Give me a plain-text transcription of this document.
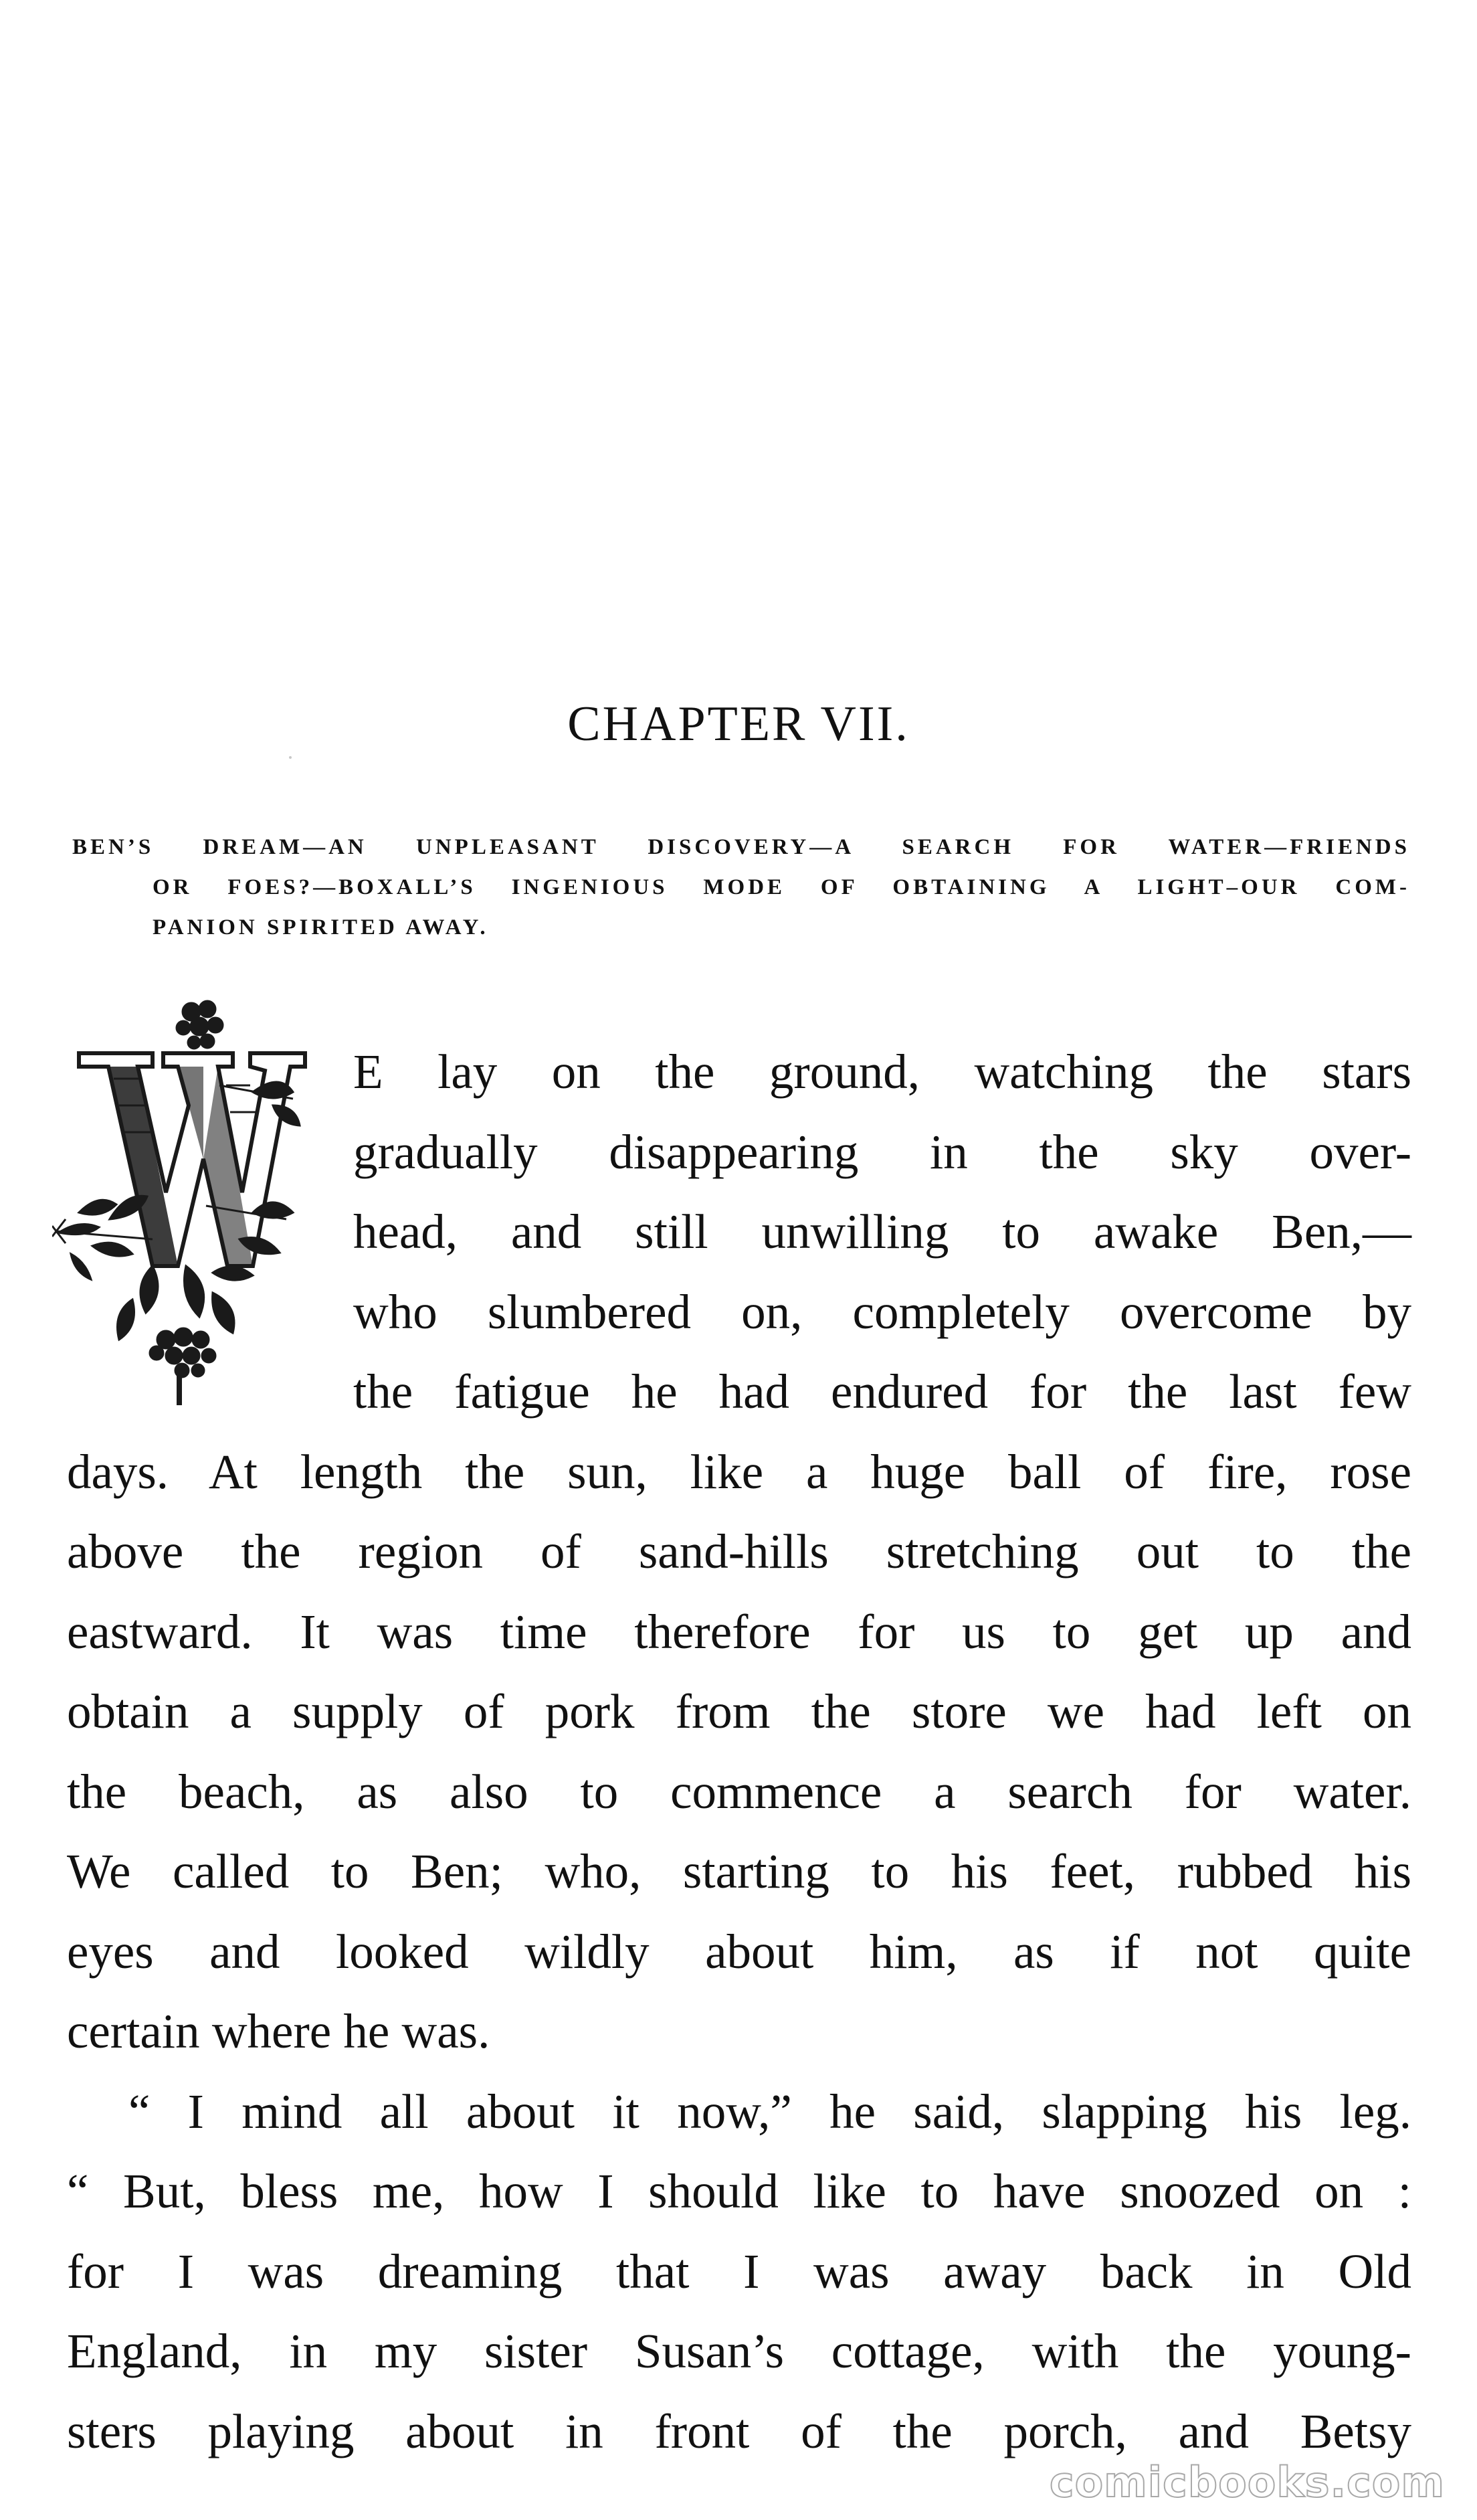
CHAPTER VII.
BEN’S DREAM—AN UNPLEASANT DISCOVERY—A SEARCH FOR WATER—FRIENDS
OR FOES?—BOXALL’S INGENIOUS MODE OF OBTAINING A LIGHT–OUR COM-
PANION SPIRITED AWAY.
E lay on the ground, watching the stars
gradually disappearing in the sky over-
head, and still unwilling to awake Ben,—
who slumbered on, completely overcome by
the fatigue he had endured for the last few
days. At length the sun, like a huge ball of fire, rose
above the region of sand-hills stretching out to the
eastward. It was time therefore for us to get up and
obtain a supply of pork from the store we had left on
the beach, as also to commence a search for water.
We called to Ben; who, starting to his feet, rubbed his
eyes and looked wildly about him, as if not quite
certain where he was.
“ I mind all about it now,” he said, slapping his leg.
“ But, bless me, how I should like to have snoozed on :
for I was dreaming that I was away back in Old
England, in my sister Susan’s cottage, with the young-
sters playing about in front of the porch, and Betsy
comicbooks.com
